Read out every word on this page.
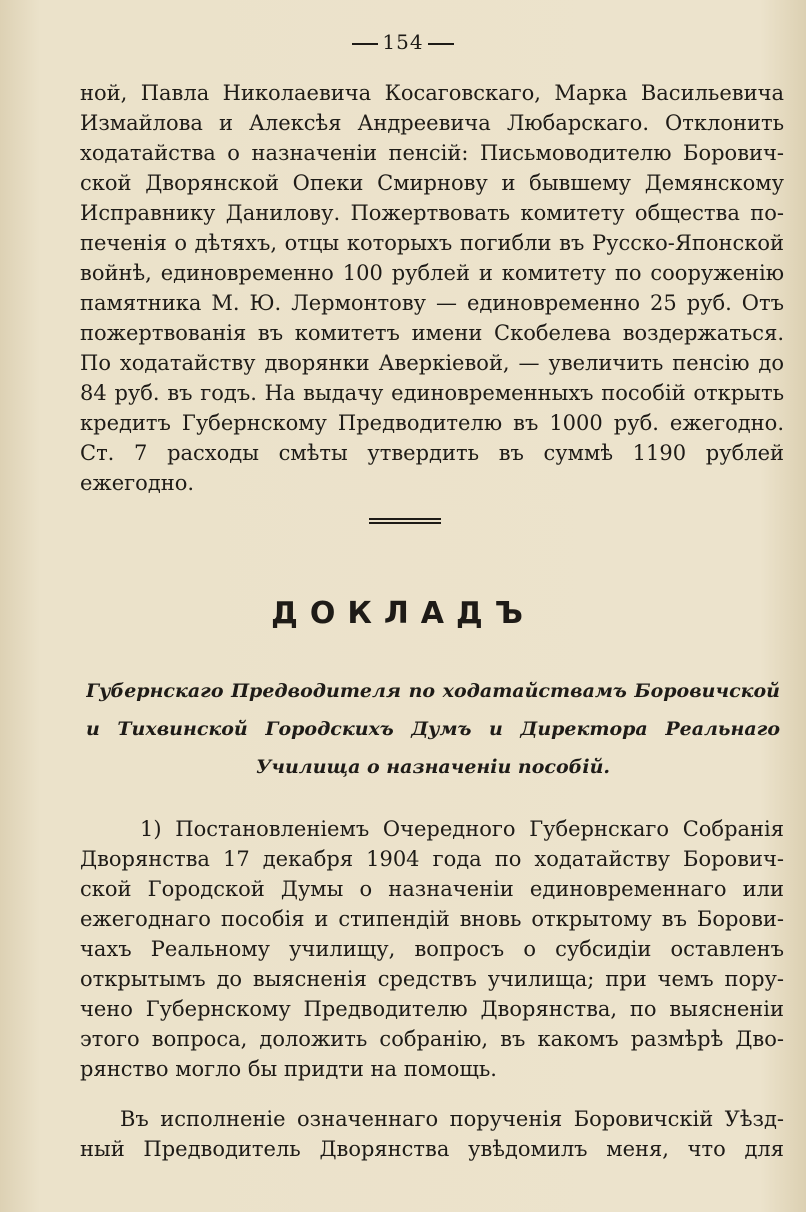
154
ной, Павла Николаевича Косаговскаго, Марка Васильевича
Измайлова и Алексѣя Андреевича Любарскаго. Отклонить
ходатайства о назначеніи пенсій: Письмоводителю Борович-
ской Дворянской Опеки Смирнову и бывшему Демянскому
Исправнику Данилову. Пожертвовать комитету общества по-
печенія о дѣтяхъ, отцы которыхъ погибли въ Русско-Японской
войнѣ, единовременно 100 рублей и комитету по сооруженію
памятника М. Ю. Лермонтову — единовременно 25 руб. Отъ
пожертвованія въ комитетъ имени Скобелева воздержаться.
По ходатайству дворянки Аверкіевой, — увеличить пенсію до
84 руб. въ годъ. На выдачу единовременныхъ пособій открыть
кредитъ Губернскому Предводителю въ 1000 руб. ежегодно.
Ст. 7 расходы смѣты утвердить въ суммѣ 1190 рублей
ежегодно.
ДОКЛАДЪ
Губернскаго Предводителя по ходатайствамъ Боровичской
и Тихвинской Городскихъ Думъ и Директора Реальнаго
Училища о назначеніи пособій.
1) Постановленіемъ Очередного Губернскаго Собранія
Дворянства 17 декабря 1904 года по ходатайству Борович-
ской Городской Думы о назначеніи единовременнаго или
ежегоднаго пособія и стипендій вновь открытому въ Борови-
чахъ Реальному училищу, вопросъ о субсидіи оставленъ
открытымъ до выясненія средствъ училища; при чемъ пору-
чено Губернскому Предводителю Дворянства, по выясненіи
этого вопроса, доложить собранію, въ какомъ размѣрѣ Дво-
рянство могло бы придти на помощь.
Въ исполненіе означеннаго порученія Боровичскій Уѣзд-
ный Предводитель Дворянства увѣдомилъ меня, что для
